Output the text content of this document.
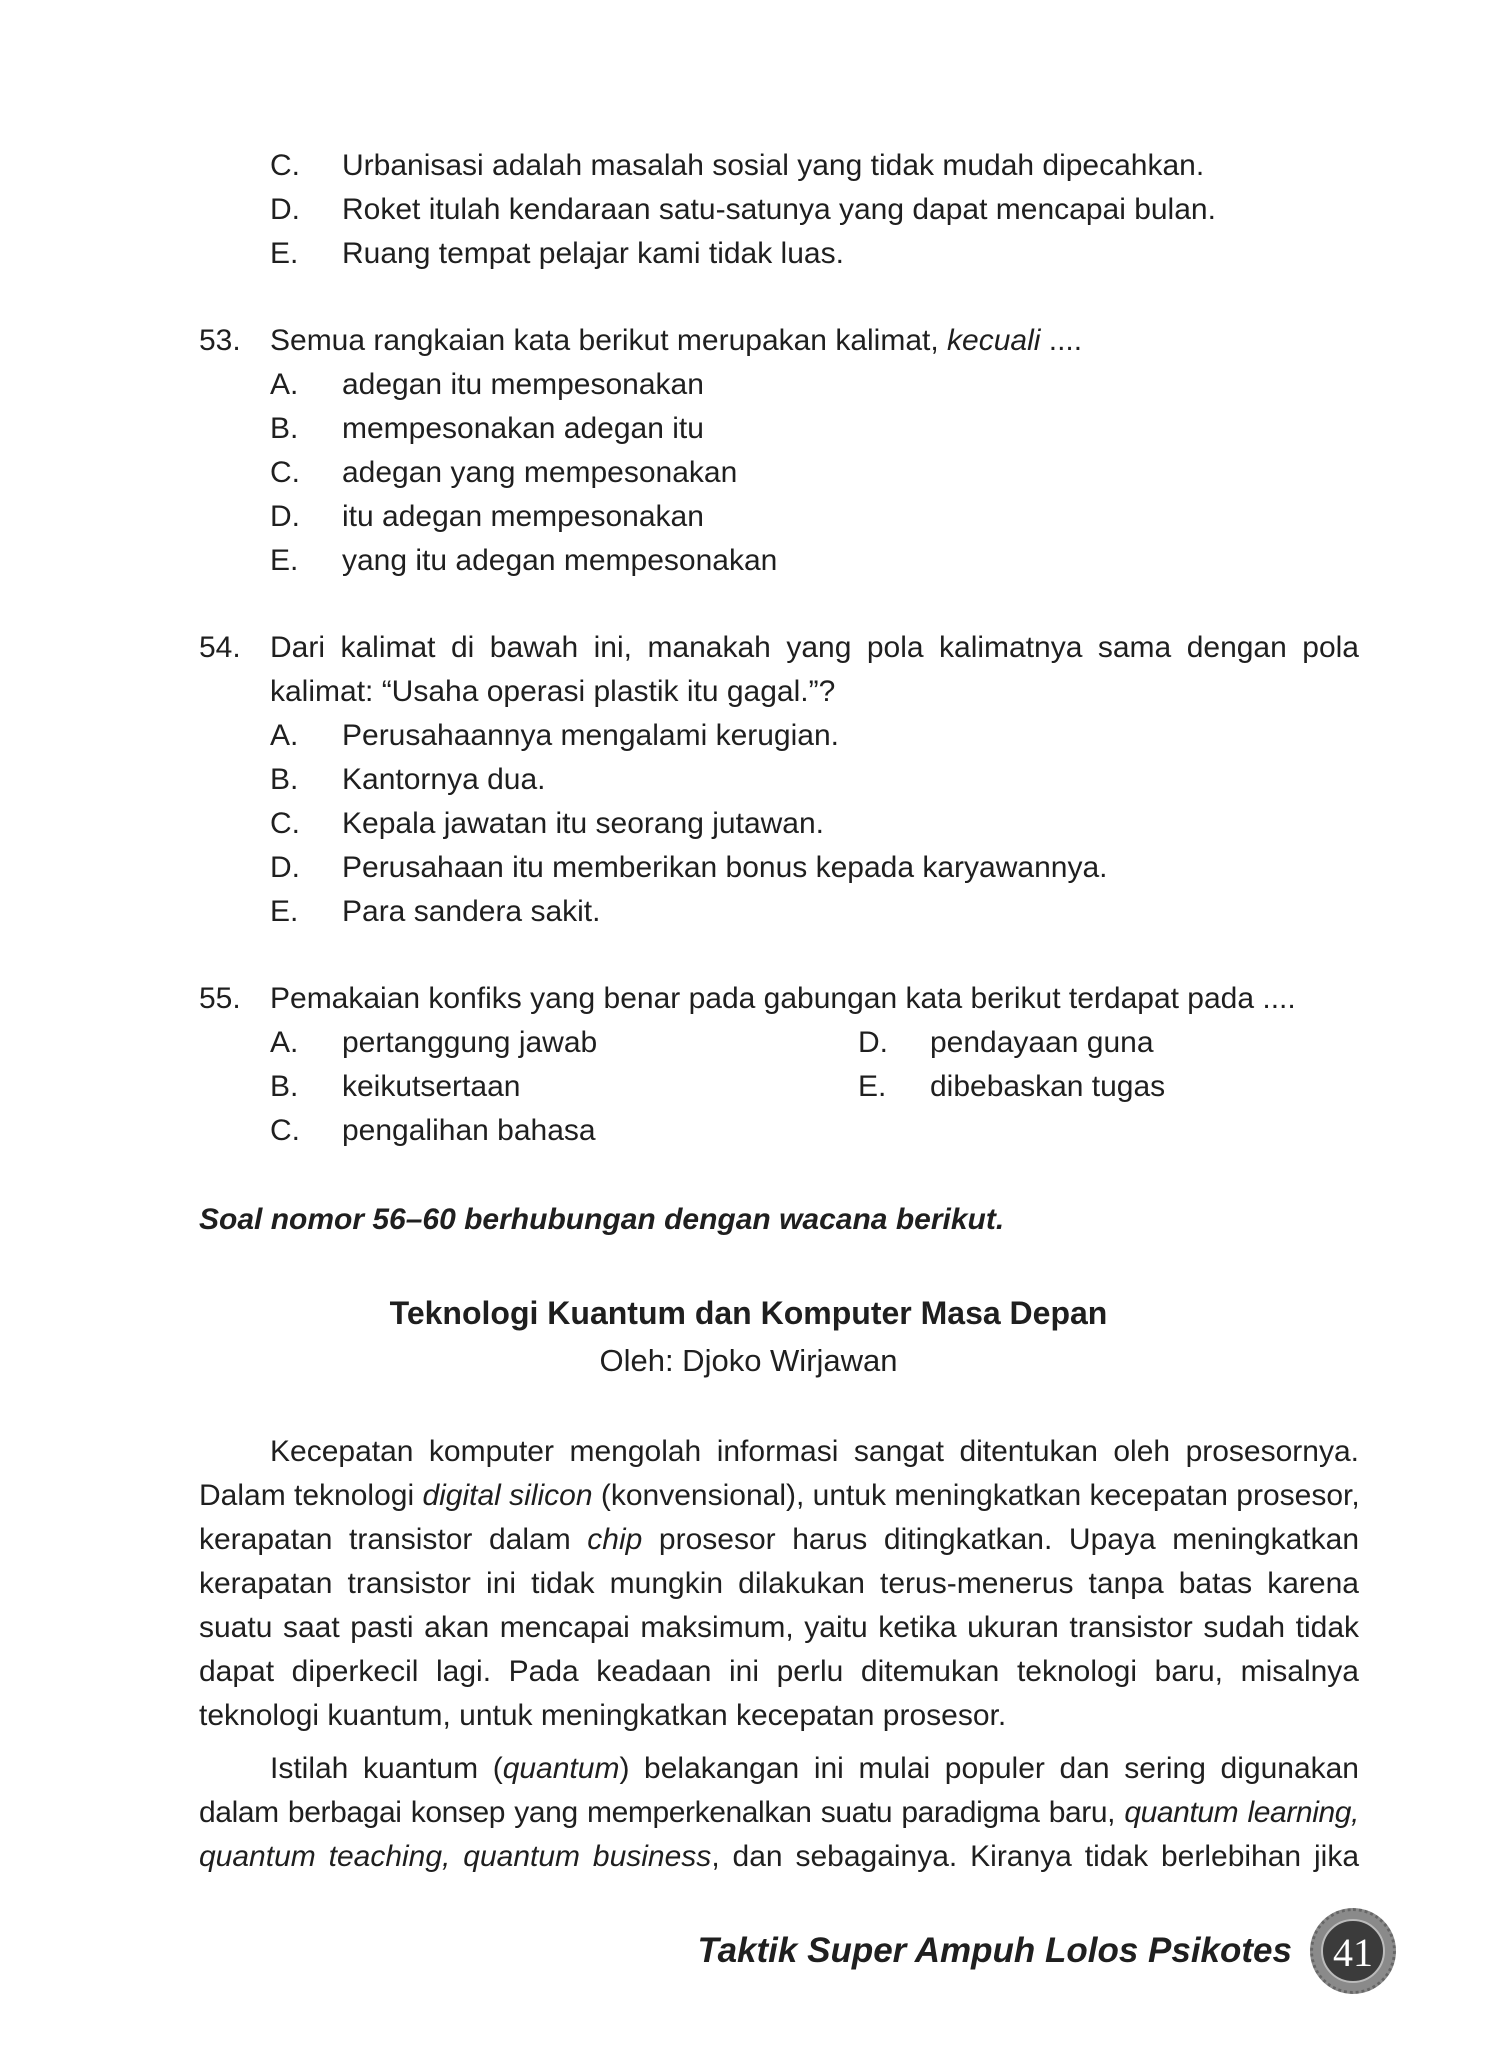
C. Urbanisasi adalah masalah sosial yang tidak mudah dipecahkan.
D. Roket itulah kendaraan satu-satunya yang dapat mencapai bulan.
E. Ruang tempat pelajar kami tidak luas.
53. Semua rangkaian kata berikut merupakan kalimat, kecuali ....
A. adegan itu mempesonakan
B. mempesonakan adegan itu
C. adegan yang mempesonakan
D. itu adegan mempesonakan
E. yang itu adegan mempesonakan
54. Dari kalimat di bawah ini, manakah yang pola kalimatnya sama dengan pola
kalimat: “Usaha operasi plastik itu gagal.”?
A. Perusahaannya mengalami kerugian.
B. Kantornya dua.
C. Kepala jawatan itu seorang jutawan.
D. Perusahaan itu memberikan bonus kepada karyawannya.
E. Para sandera sakit.
55. Pemakaian konfiks yang benar pada gabungan kata berikut terdapat pada ....
A. pertanggung jawab
B. keikutsertaan
C. pengalihan bahasa
D. pendayaan guna
E. dibebaskan tugas
Soal nomor 56–60 berhubungan dengan wacana berikut.
Teknologi Kuantum dan Komputer Masa Depan
Oleh: Djoko Wirjawan
Kecepatan komputer mengolah informasi sangat ditentukan oleh prosesornya.
Dalam teknologi digital silicon (konvensional), untuk meningkatkan kecepatan prosesor,
kerapatan transistor dalam chip prosesor harus ditingkatkan. Upaya meningkatkan
kerapatan transistor ini tidak mungkin dilakukan terus-menerus tanpa batas karena
suatu saat pasti akan mencapai maksimum, yaitu ketika ukuran transistor sudah tidak
dapat diperkecil lagi. Pada keadaan ini perlu ditemukan teknologi baru, misalnya
teknologi kuantum, untuk meningkatkan kecepatan prosesor.
Istilah kuantum (quantum) belakangan ini mulai populer dan sering digunakan
dalam berbagai konsep yang memperkenalkan suatu paradigma baru, quantum learning,
quantum teaching, quantum business, dan sebagainya. Kiranya tidak berlebihan jika
Taktik Super Ampuh Lolos Psikotes	41
